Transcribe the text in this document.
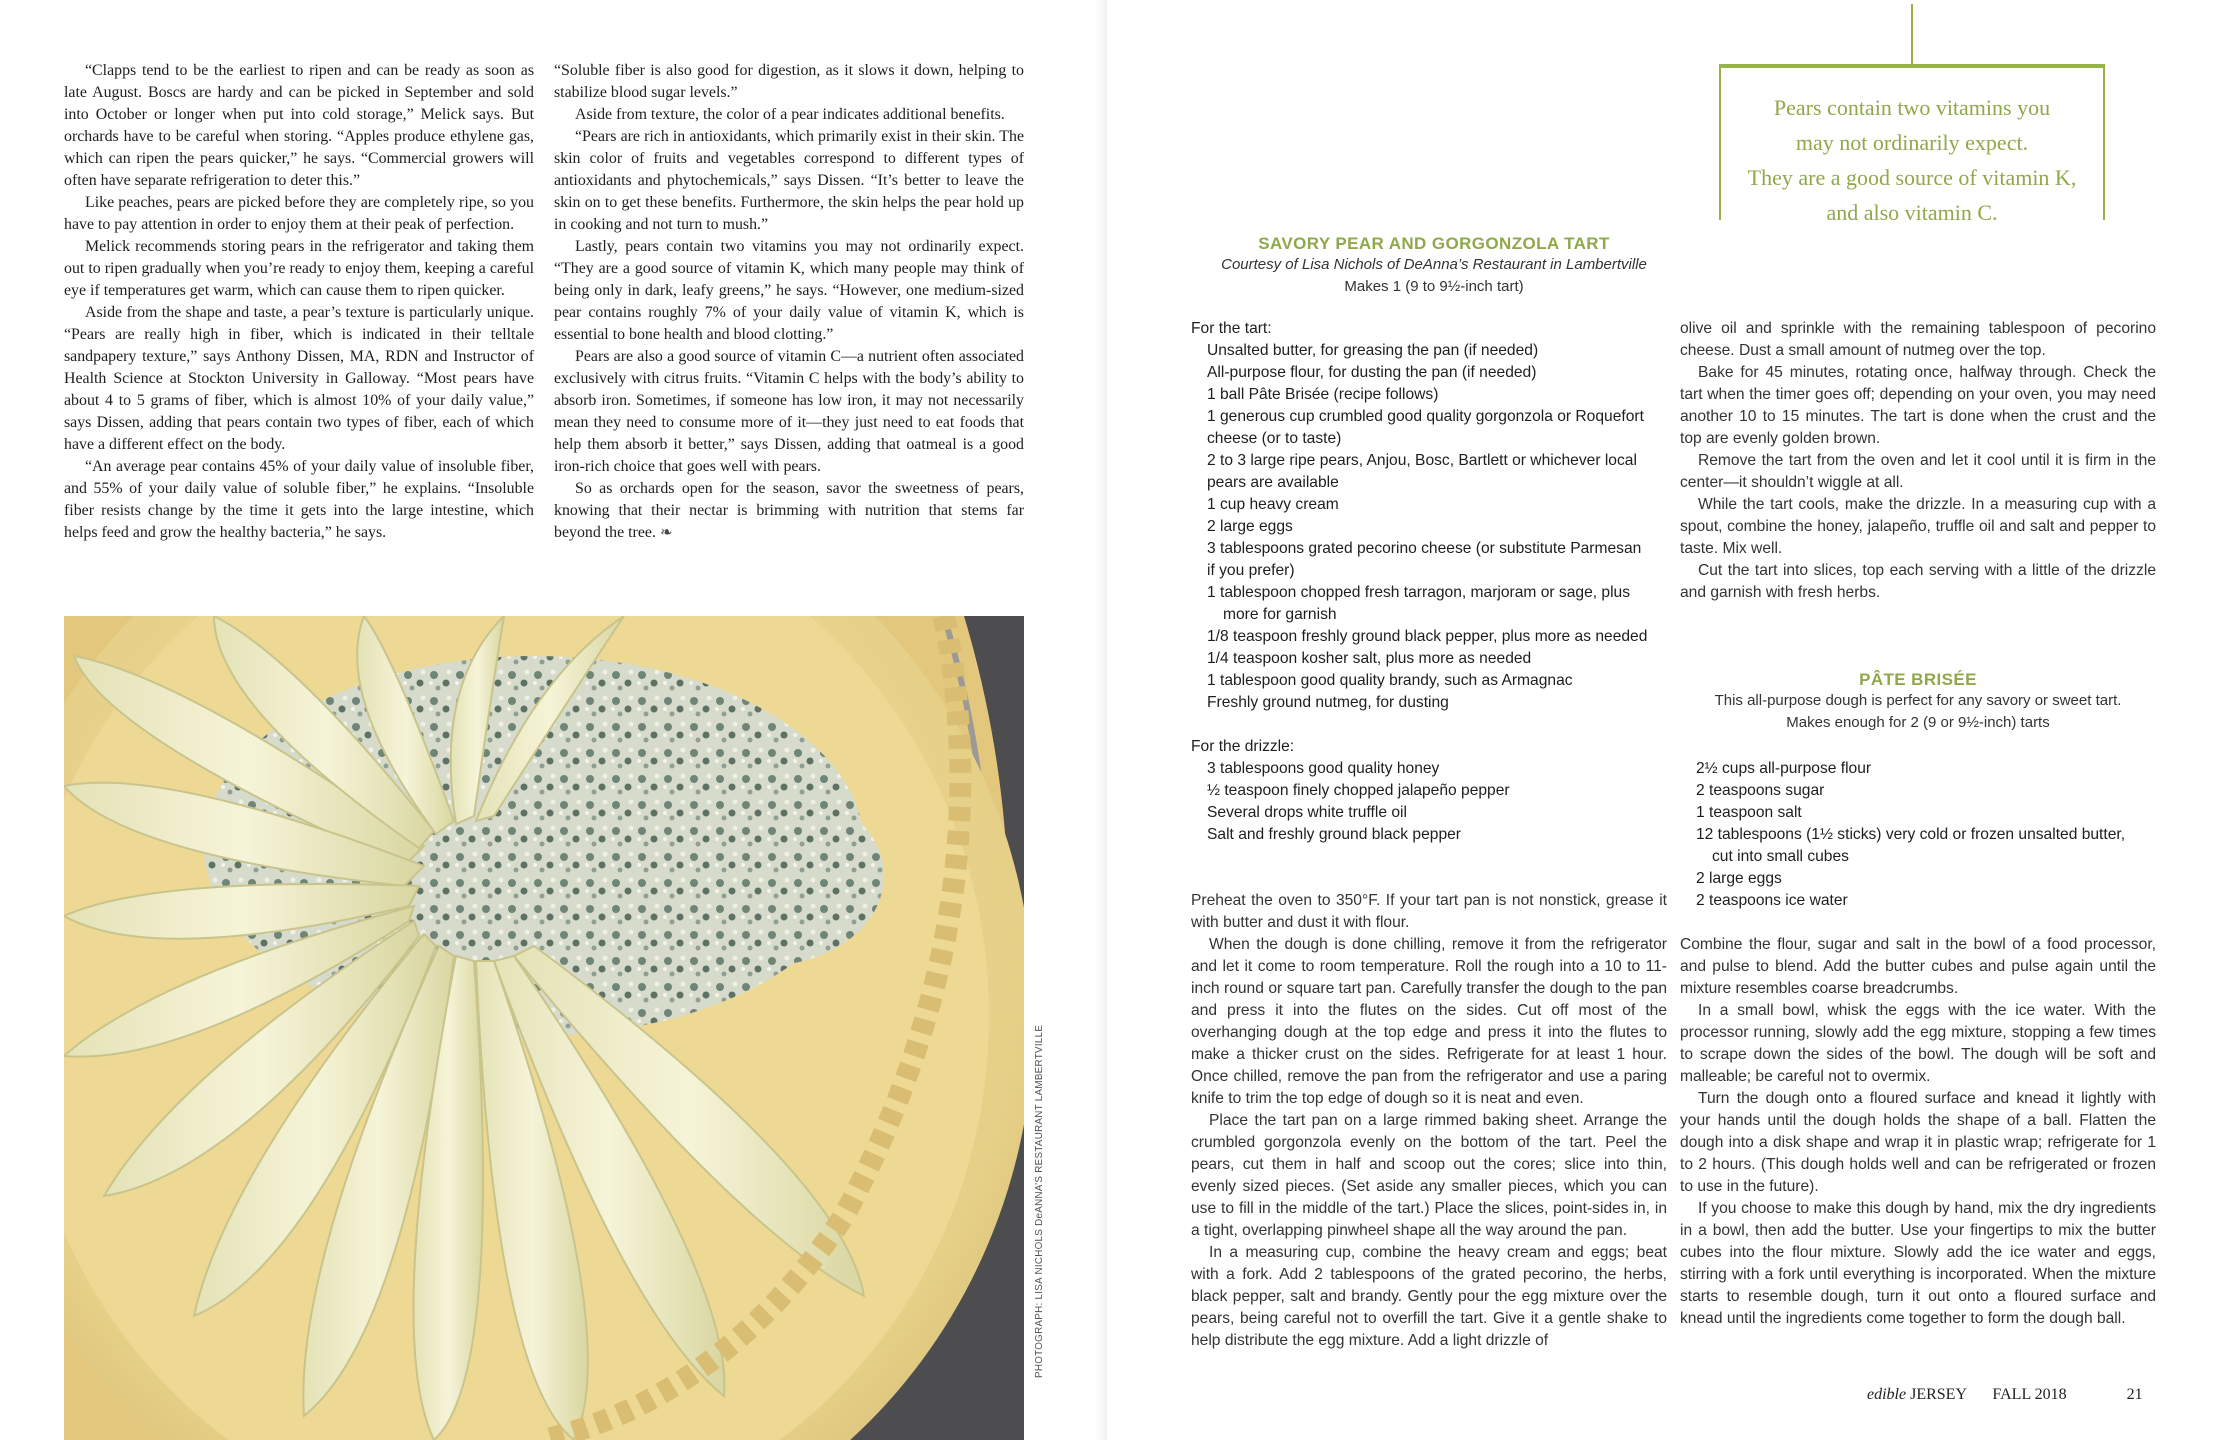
“Clapps tend to be the earliest to ripen and can be ready as soon as late August. Boscs are hardy and can be picked in September and sold into October or longer when put into cold storage,” Melick says. But orchards have to be careful when storing. “Apples produce ethylene gas, which can ripen the pears quicker,” he says. “Commercial growers will often have separate refrigeration to deter this.”

Like peaches, pears are picked before they are completely ripe, so you have to pay attention in order to enjoy them at their peak of perfection.

Melick recommends storing pears in the refrigerator and taking them out to ripen gradually when you’re ready to enjoy them, keeping a careful eye if temperatures get warm, which can cause them to ripen quicker.

Aside from the shape and taste, a pear’s texture is particularly unique. “Pears are really high in fiber, which is indicated in their telltale sandpapery texture,” says Anthony Dissen, MA, RDN and Instructor of Health Science at Stockton University in Galloway. “Most pears have about 4 to 5 grams of fiber, which is almost 10% of your daily value,” says Dissen, adding that pears contain two types of fiber, each of which have a different effect on the body.

“An average pear contains 45% of your daily value of insoluble fiber, and 55% of your daily value of soluble fiber,” he explains. “Insoluble fiber resists change by the time it gets into the large intestine, which helps feed and grow the healthy bacteria,” he says.

“Soluble fiber is also good for digestion, as it slows it down, helping to stabilize blood sugar levels.”

Aside from texture, the color of a pear indicates additional benefits.

“Pears are rich in antioxidants, which primarily exist in their skin. The skin color of fruits and vegetables correspond to different types of antioxidants and phytochemicals,” says Dissen. “It’s better to leave the skin on to get these benefits. Furthermore, the skin helps the pear hold up in cooking and not turn to mush.”

Lastly, pears contain two vitamins you may not ordinarily expect. “They are a good source of vitamin K, which many people may think of being only in dark, leafy greens,” he says. “However, one medium-sized pear contains roughly 7% of your daily value of vitamin K, which is essential to bone health and blood clotting.”

Pears are also a good source of vitamin C—a nutrient often associated exclusively with citrus fruits. “Vitamin C helps with the body’s ability to absorb iron. Sometimes, if someone has low iron, it may not necessarily mean they need to consume more of it—they just need to eat foods that help them absorb it better,” says Dissen, adding that oatmeal is a good iron-rich choice that goes well with pears.

So as orchards open for the season, savor the sweetness of pears, knowing that their nectar is brimming with nutrition that stems far beyond the tree. ❧

PHOTOGRAPH: LISA NICHOLS DeANNA’S RESTAURANT LAMBERTVILLE

Pears contain two vitamins you
may not ordinarily expect.
They are a good source of vitamin K,
and also vitamin C.

SAVORY PEAR AND GORGONZOLA TART

Courtesy of Lisa Nichols of DeAnna’s Restaurant in Lambertville

Makes 1 (9 to 9½-inch tart)

For the tart:

Unsalted butter, for greasing the pan (if needed)
All-purpose flour, for dusting the pan (if needed)
1 ball Pâte Brisée (recipe follows)
1 generous cup crumbled good quality gorgonzola or Roquefort cheese (or to taste)
2 to 3 large ripe pears, Anjou, Bosc, Bartlett or whichever local pears are available
1 cup heavy cream
2 large eggs
3 tablespoons grated pecorino cheese (or substitute Parmesan if you prefer)
1 tablespoon chopped fresh tarragon, marjoram or sage, plus more for garnish
1/8 teaspoon freshly ground black pepper, plus more as needed
1/4 teaspoon kosher salt, plus more as needed
1 tablespoon good quality brandy, such as Armagnac
Freshly ground nutmeg, for dusting

For the drizzle:

3 tablespoons good quality honey
½ teaspoon finely chopped jalapeño pepper
Several drops white truffle oil
Salt and freshly ground black pepper

Preheat the oven to 350°F. If your tart pan is not nonstick, grease it with butter and dust it with flour.

When the dough is done chilling, remove it from the refrigerator and let it come to room temperature. Roll the rough into a 10 to 11-inch round or square tart pan. Carefully transfer the dough to the pan and press it into the flutes on the sides. Cut off most of the overhanging dough at the top edge and press it into the flutes to make a thicker crust on the sides. Refrigerate for at least 1 hour. Once chilled, remove the pan from the refrigerator and use a paring knife to trim the top edge of dough so it is neat and even.

Place the tart pan on a large rimmed baking sheet. Arrange the crumbled gorgonzola evenly on the bottom of the tart. Peel the pears, cut them in half and scoop out the cores; slice into thin, evenly sized pieces. (Set aside any smaller pieces, which you can use to fill in the middle of the tart.) Place the slices, point-sides in, in a tight, overlapping pinwheel shape all the way around the pan.

In a measuring cup, combine the heavy cream and eggs; beat with a fork. Add 2 tablespoons of the grated pecorino, the herbs, black pepper, salt and brandy. Gently pour the egg mixture over the pears, being careful not to overfill the tart. Give it a gentle shake to help distribute the egg mixture. Add a light drizzle of

olive oil and sprinkle with the remaining tablespoon of pecorino cheese. Dust a small amount of nutmeg over the top.

Bake for 45 minutes, rotating once, halfway through. Check the tart when the timer goes off; depending on your oven, you may need another 10 to 15 minutes. The tart is done when the crust and the top are evenly golden brown.

Remove the tart from the oven and let it cool until it is firm in the center—it shouldn’t wiggle at all.

While the tart cools, make the drizzle. In a measuring cup with a spout, combine the honey, jalapeño, truffle oil and salt and pepper to taste. Mix well.

Cut the tart into slices, top each serving with a little of the drizzle and garnish with fresh herbs.

PÂTE BRISÉE

This all-purpose dough is perfect for any savory or sweet tart.

Makes enough for 2 (9 or 9½-inch) tarts

2½ cups all-purpose flour
2 teaspoons sugar
1 teaspoon salt
12 tablespoons (1½ sticks) very cold or frozen unsalted butter, cut into small cubes
2 large eggs
2 teaspoons ice water

Combine the flour, sugar and salt in the bowl of a food processor, and pulse to blend. Add the butter cubes and pulse again until the mixture resembles coarse breadcrumbs.

In a small bowl, whisk the eggs with the ice water. With the processor running, slowly add the egg mixture, stopping a few times to scrape down the sides of the bowl. The dough will be soft and malleable; be careful not to overmix.

Turn the dough onto a floured surface and knead it lightly with your hands until the dough holds the shape of a ball. Flatten the dough into a disk shape and wrap it in plastic wrap; refrigerate for 1 to 2 hours. (This dough holds well and can be refrigerated or frozen to use in the future).

If you choose to make this dough by hand, mix the dry ingredients in a bowl, then add the butter. Use your fingertips to mix the butter cubes into the flour mixture. Slowly add the ice water and eggs, stirring with a fork until everything is incorporated. When the mixture starts to resemble dough, turn it out onto a floured surface and knead until the ingredients come together to form the dough ball.

edible JERSEY FALL 2018	21
